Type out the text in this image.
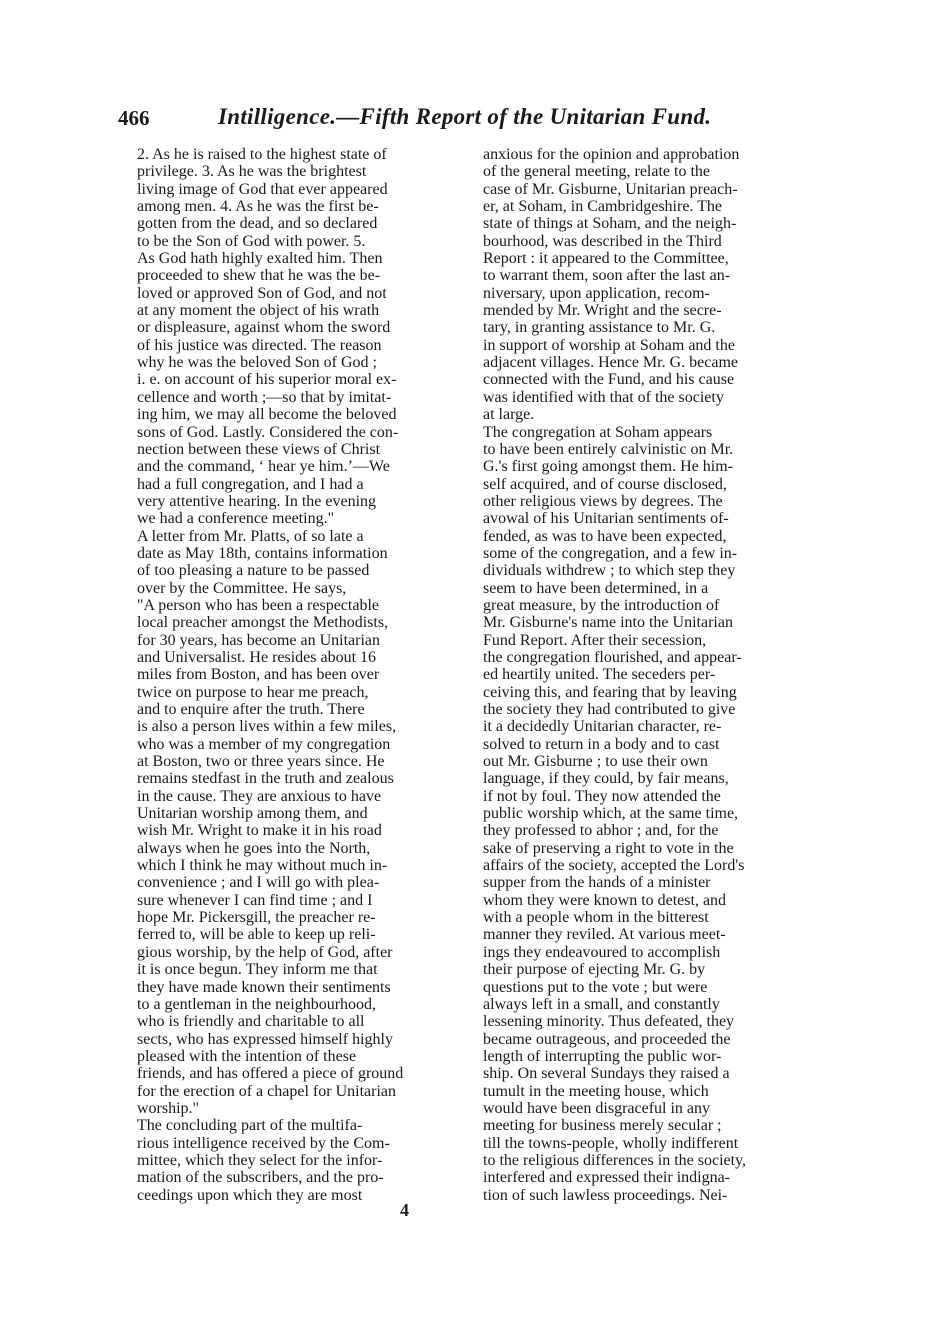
466	Intilligence.—Fifth Report of the Unitarian Fund.
2. As he is raised to the highest state of
privilege. 3. As he was the brightest
living image of God that ever appeared
among men. 4. As he was the first be-
gotten from the dead, and so declared
to be the Son of God with power. 5.
As God hath highly exalted him. Then
proceeded to shew that he was the be-
loved or approved Son of God, and not
at any moment the object of his wrath
or displeasure, against whom the sword
of his justice was directed. The reason
why he was the beloved Son of God ;
i. e. on account of his superior moral ex-
cellence and worth ;—so that by imitat-
ing him, we may all become the beloved
sons of God. Lastly. Considered the con-
nection between these views of Christ
and the command, ‘ hear ye him.’—We
had a full congregation, and I had a
very attentive hearing. In the evening
we had a conference meeting."
A letter from Mr. Platts, of so late a
date as May 18th, contains information
of too pleasing a nature to be passed
over by the Committee. He says,
"A person who has been a respectable
local preacher amongst the Methodists,
for 30 years, has become an Unitarian
and Universalist. He resides about 16
miles from Boston, and has been over
twice on purpose to hear me preach,
and to enquire after the truth. There
is also a person lives within a few miles,
who was a member of my congregation
at Boston, two or three years since. He
remains stedfast in the truth and zealous
in the cause. They are anxious to have
Unitarian worship among them, and
wish Mr. Wright to make it in his road
always when he goes into the North,
which I think he may without much in-
convenience ; and I will go with plea-
sure whenever I can find time ; and I
hope Mr. Pickersgill, the preacher re-
ferred to, will be able to keep up reli-
gious worship, by the help of God, after
it is once begun. They inform me that
they have made known their sentiments
to a gentleman in the neighbourhood,
who is friendly and charitable to all
sects, who has expressed himself highly
pleased with the intention of these
friends, and has offered a piece of ground
for the erection of a chapel for Unitarian
worship."
The concluding part of the multifa-
rious intelligence received by the Com-
mittee, which they select for the infor-
mation of the subscribers, and the pro-
ceedings upon which they are most
anxious for the opinion and approbation
of the general meeting, relate to the
case of Mr. Gisburne, Unitarian preach-
er, at Soham, in Cambridgeshire. The
state of things at Soham, and the neigh-
bourhood, was described in the Third
Report : it appeared to the Committee,
to warrant them, soon after the last an-
niversary, upon application, recom-
mended by Mr. Wright and the secre-
tary, in granting assistance to Mr. G.
in support of worship at Soham and the
adjacent villages. Hence Mr. G. became
connected with the Fund, and his cause
was identified with that of the society
at large.
The congregation at Soham appears
to have been entirely calvinistic on Mr.
G.'s first going amongst them. He him-
self acquired, and of course disclosed,
other religious views by degrees. The
avowal of his Unitarian sentiments of-
fended, as was to have been expected,
some of the congregation, and a few in-
dividuals withdrew ; to which step they
seem to have been determined, in a
great measure, by the introduction of
Mr. Gisburne's name into the Unitarian
Fund Report. After their secession,
the congregation flourished, and appear-
ed heartily united. The seceders per-
ceiving this, and fearing that by leaving
the society they had contributed to give
it a decidedly Unitarian character, re-
solved to return in a body and to cast
out Mr. Gisburne ; to use their own
language, if they could, by fair means,
if not by foul. They now attended the
public worship which, at the same time,
they professed to abhor ; and, for the
sake of preserving a right to vote in the
affairs of the society, accepted the Lord's
supper from the hands of a minister
whom they were known to detest, and
with a people whom in the bitterest
manner they reviled. At various meet-
ings they endeavoured to accomplish
their purpose of ejecting Mr. G. by
questions put to the vote ; but were
always left in a small, and constantly
lessening minority. Thus defeated, they
became outrageous, and proceeded the
length of interrupting the public wor-
ship. On several Sundays they raised a
tumult in the meeting house, which
would have been disgraceful in any
meeting for business merely secular ;
till the towns-people, wholly indifferent
to the religious differences in the society,
interfered and expressed their indigna-
tion of such lawless proceedings. Nei-
4
